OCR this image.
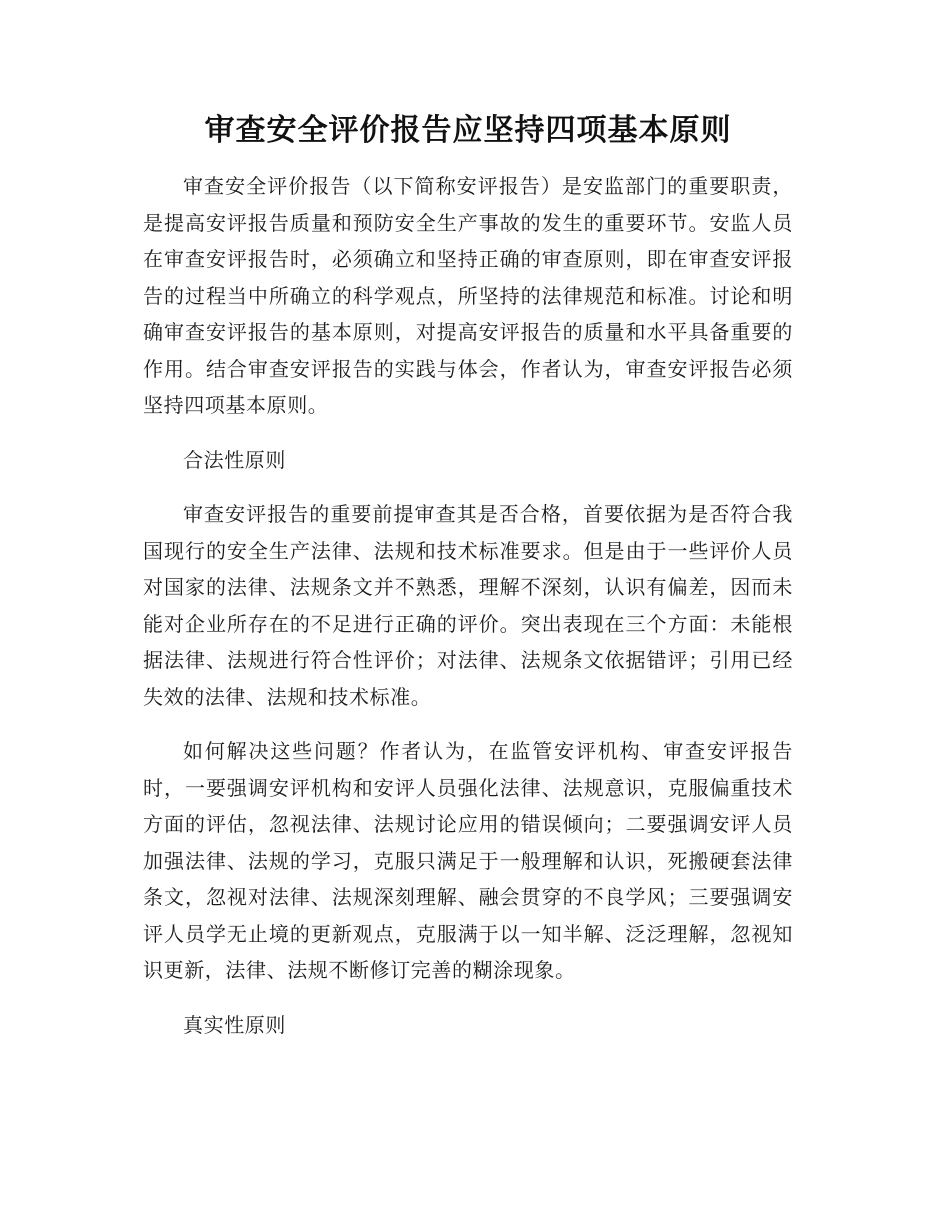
审查安全评价报告应坚持四项基本原则

审查安全评价报告（以下简称安评报告）是安监部门的重要职责，是提高安评报告质量和预防安全生产事故的发生的重要环节。安监人员在审查安评报告时，必须确立和坚持正确的审查原则，即在审查安评报告的过程当中所确立的科学观点，所坚持的法律规范和标准。讨论和明确审查安评报告的基本原则，对提高安评报告的质量和水平具备重要的作用。结合审查安评报告的实践与体会，作者认为，审查安评报告必须坚持四项基本原则。

合法性原则

审查安评报告的重要前提审查其是否合格，首要依据为是否符合我国现行的安全生产法律、法规和技术标准要求。但是由于一些评价人员对国家的法律、法规条文并不熟悉，理解不深刻，认识有偏差，因而未能对企业所存在的不足进行正确的评价。突出表现在三个方面：未能根据法律、法规进行符合性评价；对法律、法规条文依据错评；引用已经失效的法律、法规和技术标准。

如何解决这些问题？作者认为，在监管安评机构、审查安评报告时，一要强调安评机构和安评人员强化法律、法规意识，克服偏重技术方面的评估，忽视法律、法规讨论应用的错误倾向；二要强调安评人员加强法律、法规的学习，克服只满足于一般理解和认识，死搬硬套法律条文，忽视对法律、法规深刻理解、融会贯穿的不良学风；三要强调安评人员学无止境的更新观点，克服满于以一知半解、泛泛理解，忽视知识更新，法律、法规不断修订完善的糊涂现象。

真实性原则
